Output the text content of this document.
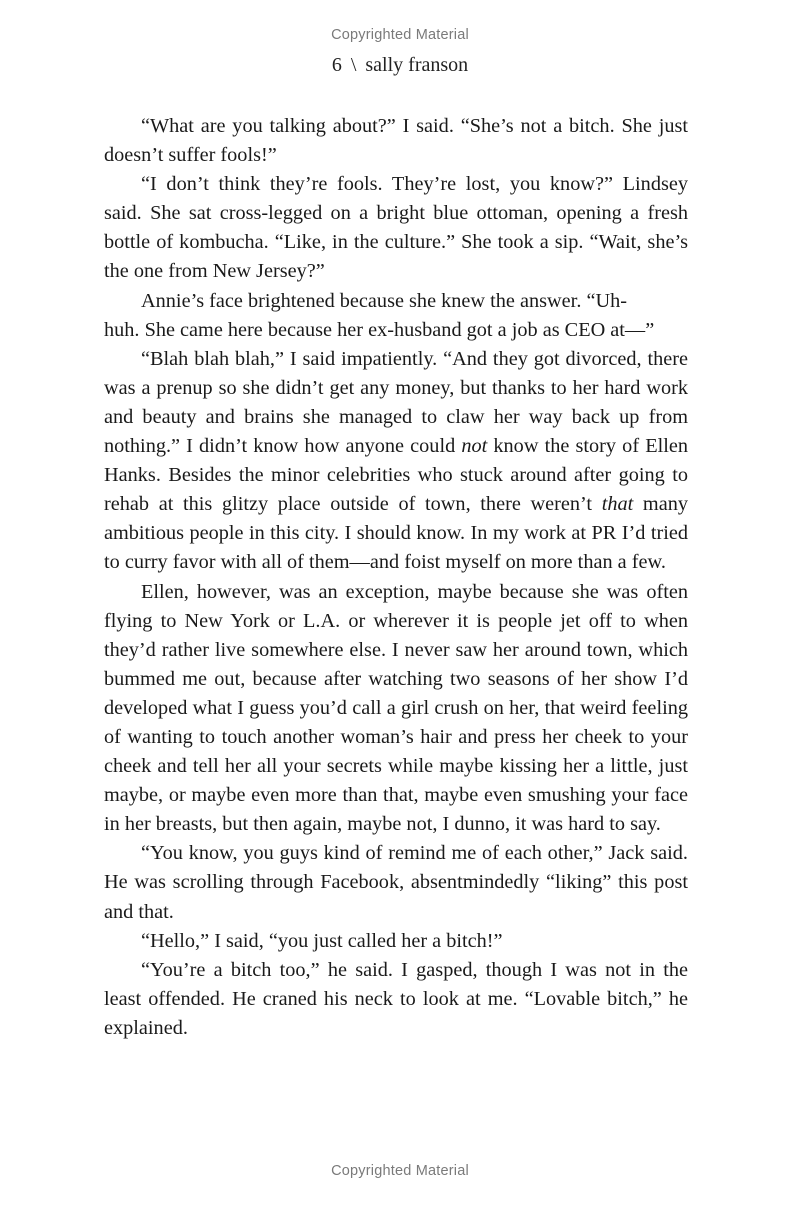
Copyrighted Material
6 \ sally franson

“What are you talking about?” I said. “She’s not a bitch. She just doesn’t suffer fools!”

“I don’t think they’re fools. They’re lost, you know?” Lindsey said. She sat cross-legged on a bright blue ottoman, opening a fresh bottle of kombucha. “Like, in the culture.” She took a sip. “Wait, she’s the one from New Jersey?”

Annie’s face brightened because she knew the answer. “Uh-
huh. She came here because her ex-husband got a job as CEO at—”

“Blah blah blah,” I said impatiently. “And they got divorced, there was a prenup so she didn’t get any money, but thanks to her hard work and beauty and brains she managed to claw her way back up from nothing.” I didn’t know how anyone could not know the story of Ellen Hanks. Besides the minor celebrities who stuck around after going to rehab at this glitzy place outside of town, there weren’t that many ambitious people in this city. I should know. In my work at PR I’d tried to curry favor with all of them—and foist myself on more than a few.

Ellen, however, was an exception, maybe because she was often flying to New York or L.A. or wherever it is people jet off to when they’d rather live somewhere else. I never saw her around town, which bummed me out, because after watching two seasons of her show I’d developed what I guess you’d call a girl crush on her, that weird feeling of wanting to touch another woman’s hair and press her cheek to your cheek and tell her all your secrets while maybe kissing her a little, just maybe, or maybe even more than that, maybe even smushing your face in her breasts, but then again, maybe not, I dunno, it was hard to say.

“You know, you guys kind of remind me of each other,” Jack said. He was scrolling through Facebook, absentmindedly “liking” this post and that.

“Hello,” I said, “you just called her a bitch!”

“You’re a bitch too,” he said. I gasped, though I was not in the least offended. He craned his neck to look at me. “Lovable bitch,” he explained.

Copyrighted Material
